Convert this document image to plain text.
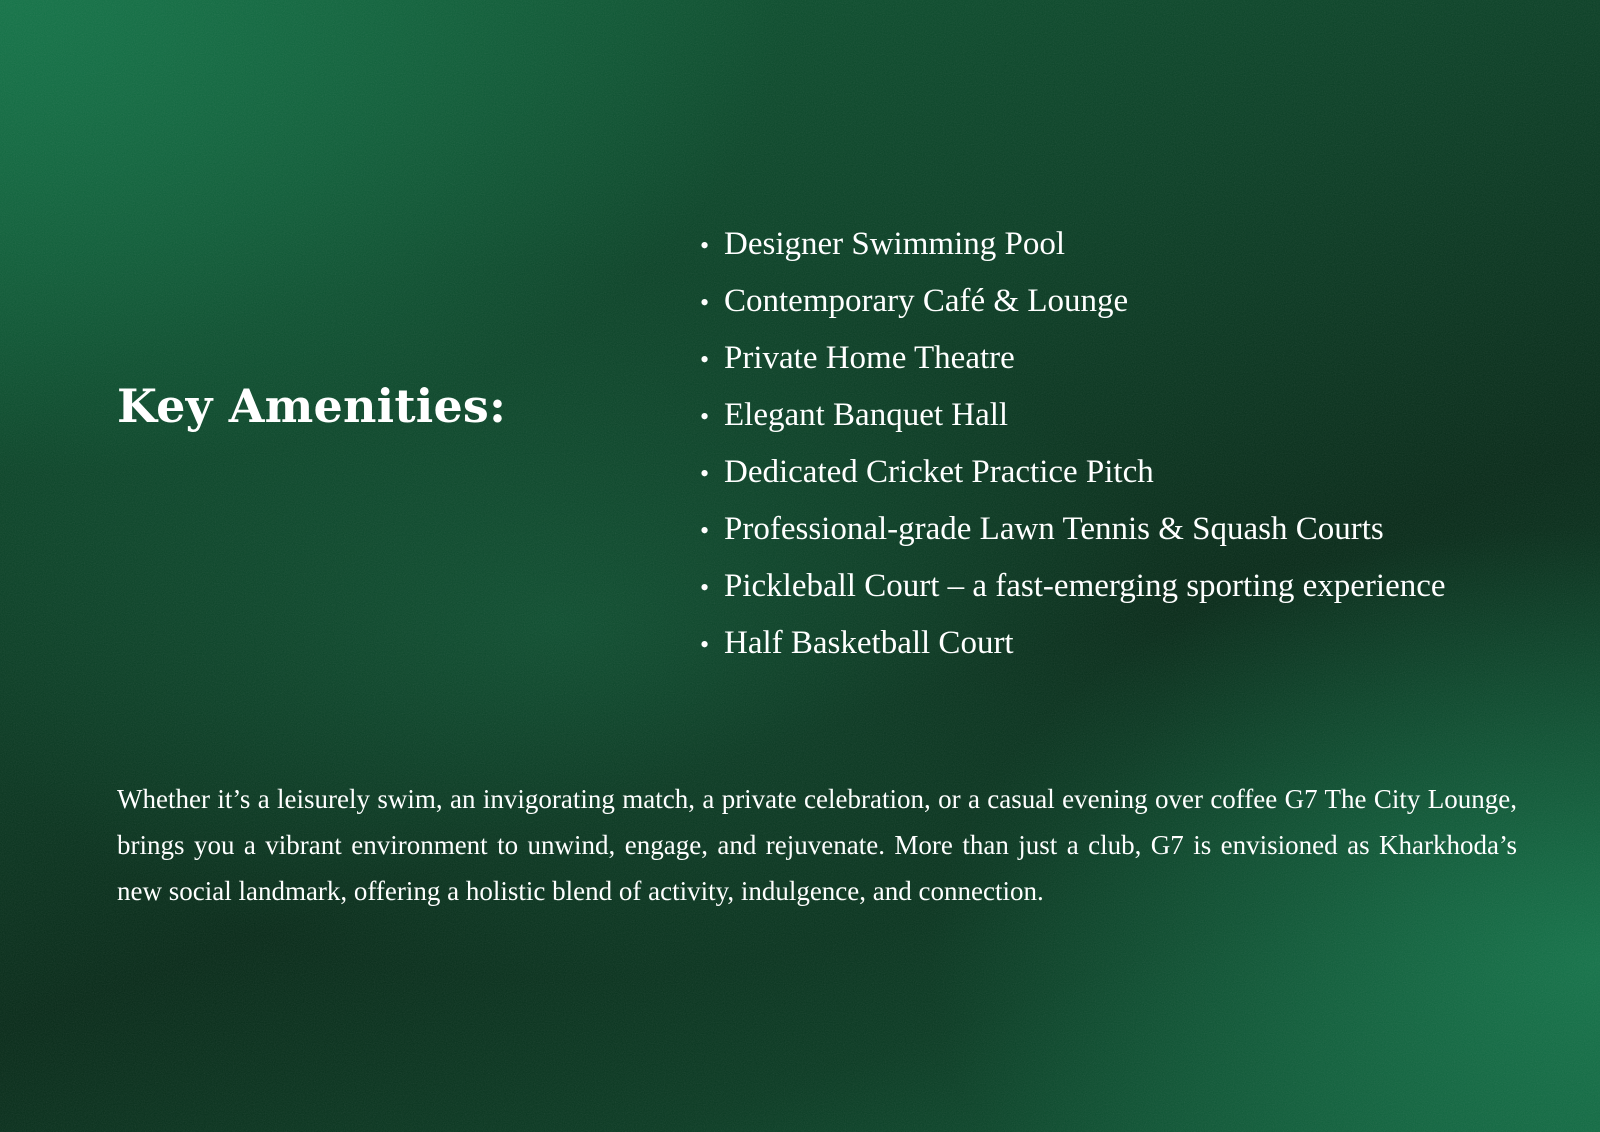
Key Amenities:
• Designer Swimming Pool
• Contemporary Café & Lounge
• Private Home Theatre
• Elegant Banquet Hall
• Dedicated Cricket Practice Pitch
• Professional-grade Lawn Tennis & Squash Courts
• Pickleball Court – a fast-emerging sporting experience
• Half Basketball Court

Whether it’s a leisurely swim, an invigorating match, a private celebration, or a casual evening over coffee G7 The City Lounge, brings you a vibrant environment to unwind, engage, and rejuvenate. More than just a club, G7 is envisioned as Kharkhoda’s new social landmark, offering a holistic blend of activity, indulgence, and connection.
